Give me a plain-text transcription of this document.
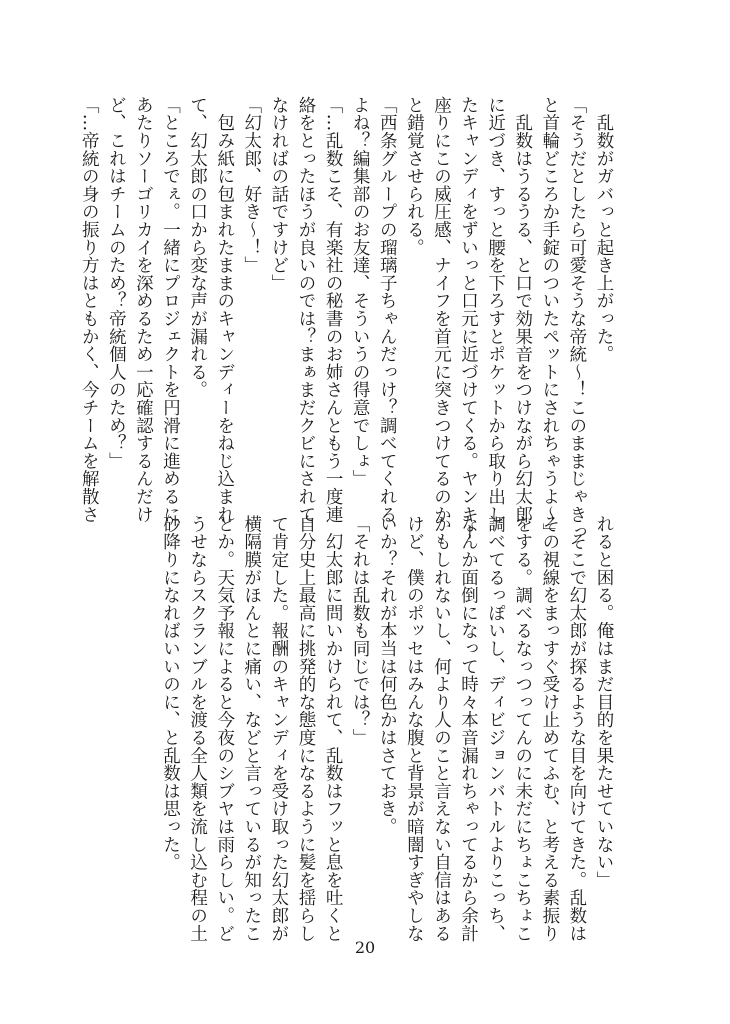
　乱数がガバっと起き上がった。
「そうだとしたら可愛そうな帝統〜！このままじゃきっ
と首輪どころか手錠のついたペットにされちゃうよ〜」
　乱数はうるうる、と口で効果音をつけながら幻太郎
に近づき、すっと腰を下ろすとポケットから取り出し
たキャンディをずいっと口元に近づけてくる。ヤンキー
座りにこの威圧感、ナイフを首元に突きつけてるのか
と錯覚させられる。
「西条グループの瑠璃子ちゃんだっけ？調べてくれる
よね？編集部のお友達、そういうの得意でしょ」
「…乱数こそ、有楽社の秘書のお姉さんともう一度連
絡をとったほうが良いのでは？まぁまだクビにされて
なければの話ですけど」
「幻太郎、好き〜！」
　包み紙に包まれたままのキャンディーをねじ込まれ
て、幻太郎の口から変な声が漏れる。
「ところでぇ。一緒にプロジェクトを円滑に進めるに
あたりソーゴリカイを深めるため一応確認するんだけ
ど、これはチームのため？帝統個人のため？」
「…帝統の身の振り方はともかく、今チームを解散さ
れると困る。俺はまだ目的を果たせていない」
　そこで幻太郎が探るような目を向けてきた。乱数は
その視線をまっすぐ受け止めてふむ、と考える素振り
をする。調べるなっつってんのに未だにちょこちょこ
調べてるっぽいし、ディビジョンバトルよりこっち、
なんか面倒になって時々本音漏れちゃってるから余計
かもしれないし、何より人のこと言えない自信はある
けど、僕のポッセはみんな腹と背景が暗闇すぎやしな
いか？それが本当は何色かはさておき。
「それは乱数も同じでは？」
　幻太郎に問いかけられて、乱数はフッと息を吐くと
自分史上最高に挑発的な態度になるように髪を揺らし
て肯定した。報酬のキャンディを受け取った幻太郎が
横隔膜がほんとに痛い、などと言っているが知ったこ
とか。天気予報によると今夜のシブヤは雨らしい。ど
うせならスクランブルを渡る全人類を流し込む程の土
砂降りになればいいのに、と乱数は思った。
20
